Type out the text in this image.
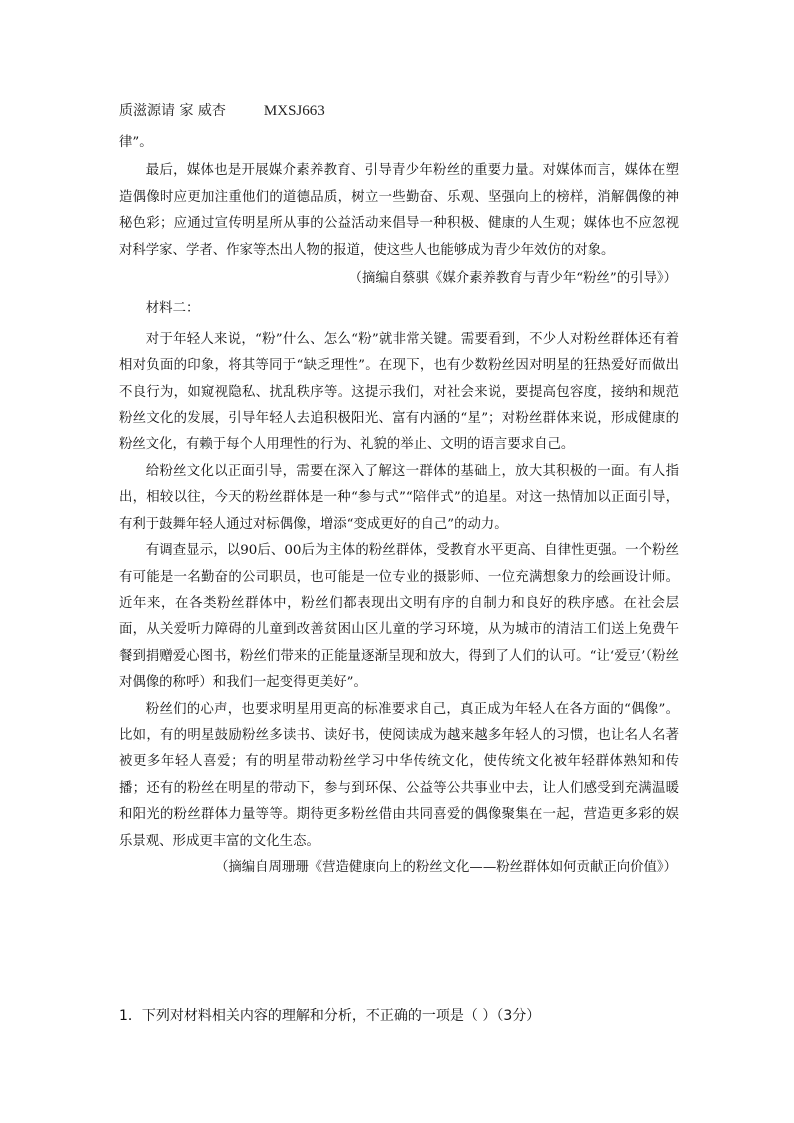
质滋源请 家 威杏	MXSJ663

律”。

最后，媒体也是开展媒介素养教育、引导青少年粉丝的重要力量。对媒体而言，媒体在塑造偶像时应更加注重他们的道德品质，树立一些勤奋、乐观、坚强向上的榜样，消解偶像的神秘色彩；应通过宣传明星所从事的公益活动来倡导一种积极、健康的人生观；媒体也不应忽视对科学家、学者、作家等杰出人物的报道，使这些人也能够成为青少年效仿的对象。

（摘编自蔡骐《媒介素养教育与青少年“粉丝”的引导》）

材料二：

对于年轻人来说，“粉”什么、怎么“粉”就非常关键。需要看到，不少人对粉丝群体还有着相对负面的印象，将其等同于“缺乏理性”。在现下，也有少数粉丝因对明星的狂热爱好而做出不良行为，如窥视隐私、扰乱秩序等。这提示我们，对社会来说，要提高包容度，接纳和规范粉丝文化的发展，引导年轻人去追积极阳光、富有内涵的“星”；对粉丝群体来说，形成健康的粉丝文化，有赖于每个人用理性的行为、礼貌的举止、文明的语言要求自己。

给粉丝文化以正面引导，需要在深入了解这一群体的基础上，放大其积极的一面。有人指出，相较以往，今天的粉丝群体是一种“参与式”“陪伴式”的追星。对这一热情加以正面引导，有利于鼓舞年轻人通过对标偶像，增添“变成更好的自己”的动力。

有调查显示，以90后、00后为主体的粉丝群体，受教育水平更高、自律性更强。一个粉丝有可能是一名勤奋的公司职员，也可能是一位专业的摄影师、一位充满想象力的绘画设计师。近年来，在各类粉丝群体中，粉丝们都表现出文明有序的自制力和良好的秩序感。在社会层面，从关爱听力障碍的儿童到改善贫困山区儿童的学习环境，从为城市的清洁工们送上免费午餐到捐赠爱心图书，粉丝们带来的正能量逐渐呈现和放大，得到了人们的认可。“让‘爱豆’（粉丝对偶像的称呼）和我们一起变得更美好”。

粉丝们的心声，也要求明星用更高的标准要求自己，真正成为年轻人在各方面的“偶像”。比如，有的明星鼓励粉丝多读书、读好书，使阅读成为越来越多年轻人的习惯，也让名人名著被更多年轻人喜爱；有的明星带动粉丝学习中华传统文化，使传统文化被年轻群体熟知和传播；还有的粉丝在明星的带动下，参与到环保、公益等公共事业中去，让人们感受到充满温暖和阳光的粉丝群体力量等等。期待更多粉丝借由共同喜爱的偶像聚集在一起，营造更多彩的娱乐景观、形成更丰富的文化生态。

（摘编自周珊珊《营造健康向上的粉丝文化——粉丝群体如何贡献正向价值》）

1．下列对材料相关内容的理解和分析，不正确的一项是（ ）（3分）
